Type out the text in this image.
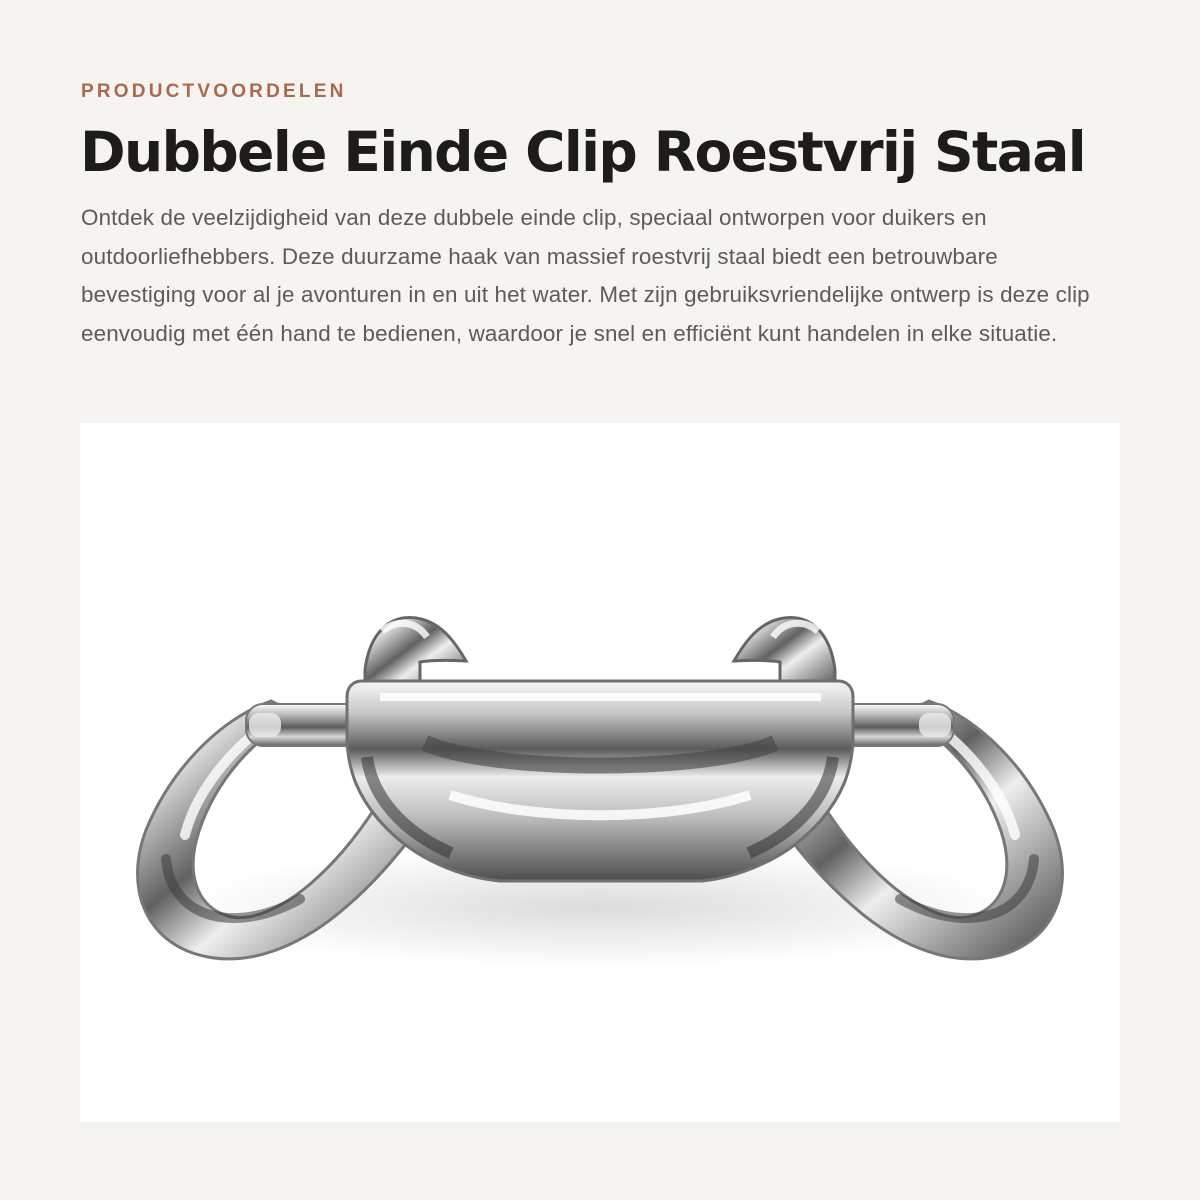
PRODUCTVOORDELEN

Dubbele Einde Clip Roestvrij Staal

Ontdek de veelzijdigheid van deze dubbele einde clip, speciaal ontworpen voor duikers en outdoorliefhebbers. Deze duurzame haak van massief roestvrij staal biedt een betrouwbare bevestiging voor al je avonturen in en uit het water. Met zijn gebruiksvriendelijke ontwerp is deze clip eenvoudig met één hand te bedienen, waardoor je snel en efficiënt kunt handelen in elke situatie.
